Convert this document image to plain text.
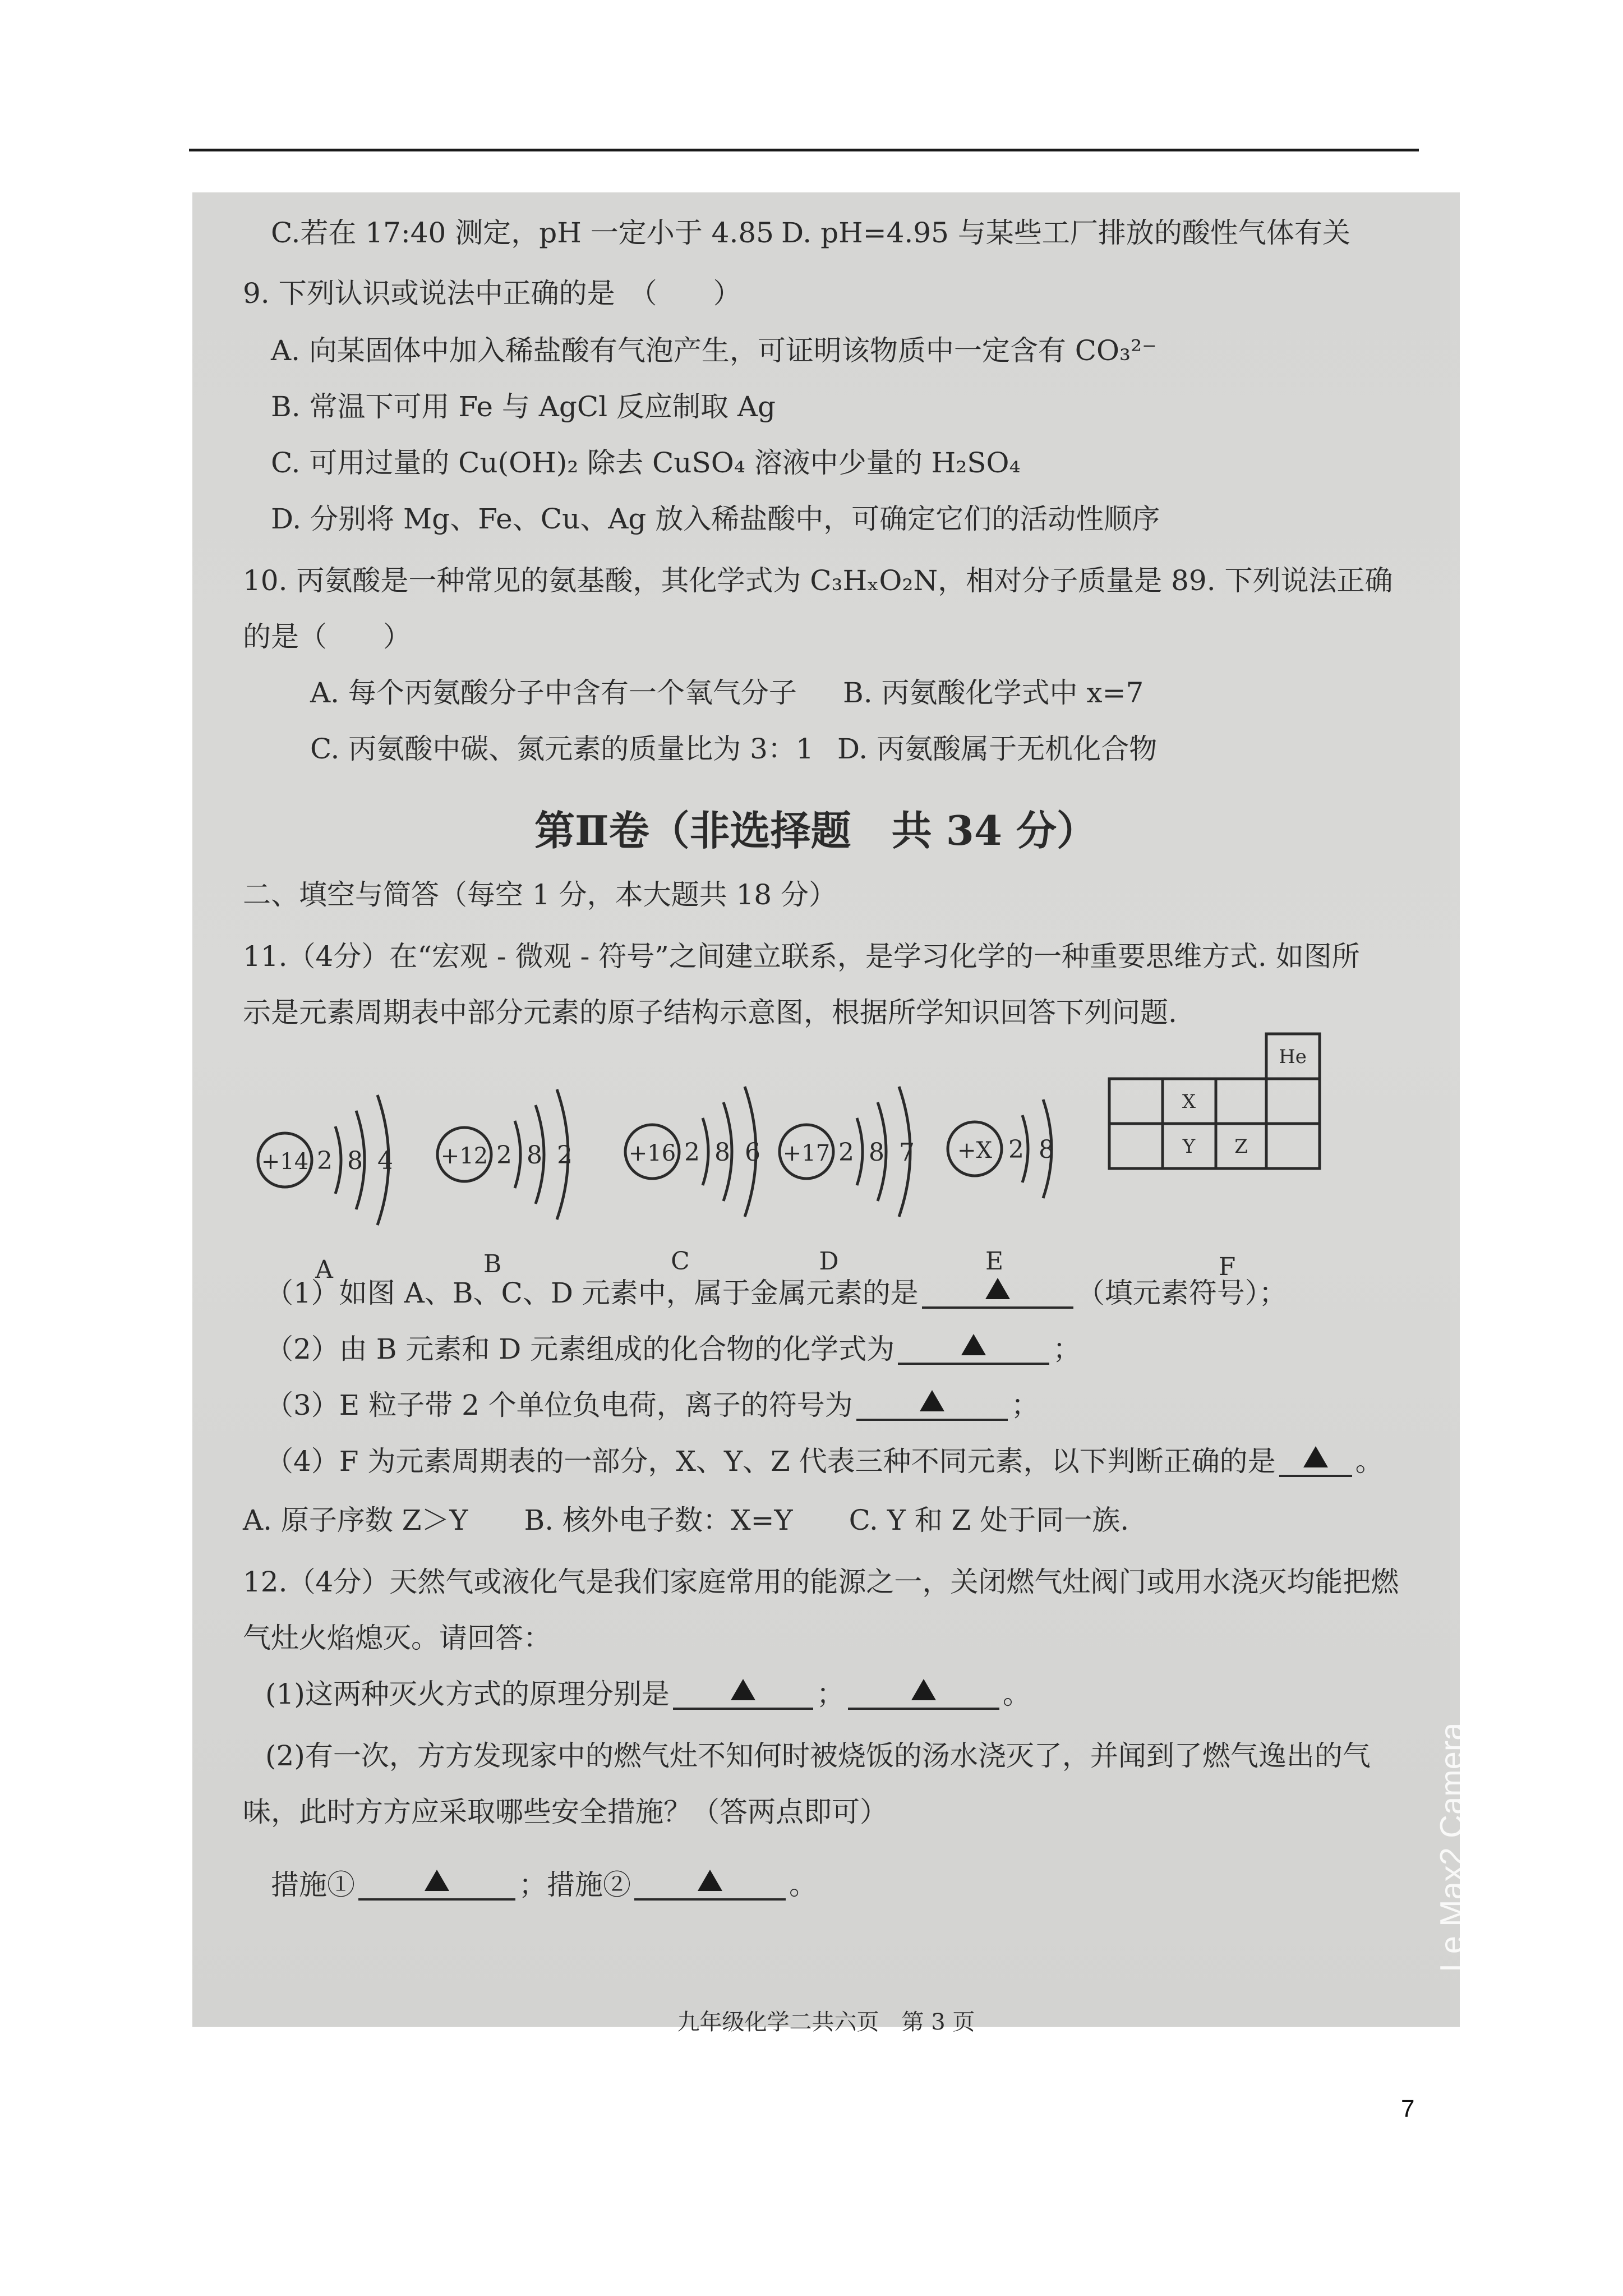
C.若在 17:40 测定，pH 一定小于 4.85 D. pH=4.95 与某些工厂排放的酸性气体有关
9. 下列认识或说法中正确的是　（　　）
A. 向某固体中加入稀盐酸有气泡产生，可证明该物质中一定含有 CO₃²⁻
B. 常温下可用 Fe 与 AgCl 反应制取 Ag
C. 可用过量的 Cu(OH)₂ 除去 CuSO₄ 溶液中少量的 H₂SO₄
D. 分别将 Mg、Fe、Cu、Ag 放入稀盐酸中，可确定它们的活动性顺序
10. 丙氨酸是一种常见的氨基酸，其化学式为 C₃HₓO₂N，相对分子质量是 89. 下列说法正确
的是（　　）
A. 每个丙氨酸分子中含有一个氧气分子 B. 丙氨酸化学式中 x=7
C. 丙氨酸中碳、氮元素的质量比为 3：1 D. 丙氨酸属于无机化合物
第Ⅱ卷（非选择题　共 34 分）
二、填空与简答（每空 1 分，本大题共 18 分）
11.（4分）在“宏观 - 微观 - 符号”之间建立联系，是学习化学的一种重要思维方式. 如图所
示是元素周期表中部分元素的原子结构示意图，根据所学知识回答下列问题.
+14 2 8 4
A
+12 2 8 2
B
+16 2 8 6
C
+17 2 8 7
D
+X 2 8
E
He
X
Y Z
F
（1）如图 A、B、C、D 元素中，属于金属元素的是	（填元素符号）；
（2）由 B 元素和 D 元素组成的化合物的化学式为	；
（3）E 粒子带 2 个单位负电荷，离子的符号为	；
（4）F 为元素周期表的一部分，X、Y、Z 代表三种不同元素，以下判断正确的是	。
A. 原子序数 Z＞Y　　B. 核外电子数：X=Y　　C. Y 和 Z 处于同一族.
12.（4分）天然气或液化气是我们家庭常用的能源之一，关闭燃气灶阀门或用水浇灭均能把燃
气灶火焰熄灭。请回答：
(1)这两种灭火方式的原理分别是	；	。
(2)有一次，方方发现家中的燃气灶不知何时被烧饭的汤水浇灭了，并闻到了燃气逸出的气
味，此时方方应采取哪些安全措施？（答两点即可）
措施①	；措施②	。	Le Max2 Camera
九年级化学二共六页　第 3 页
7
